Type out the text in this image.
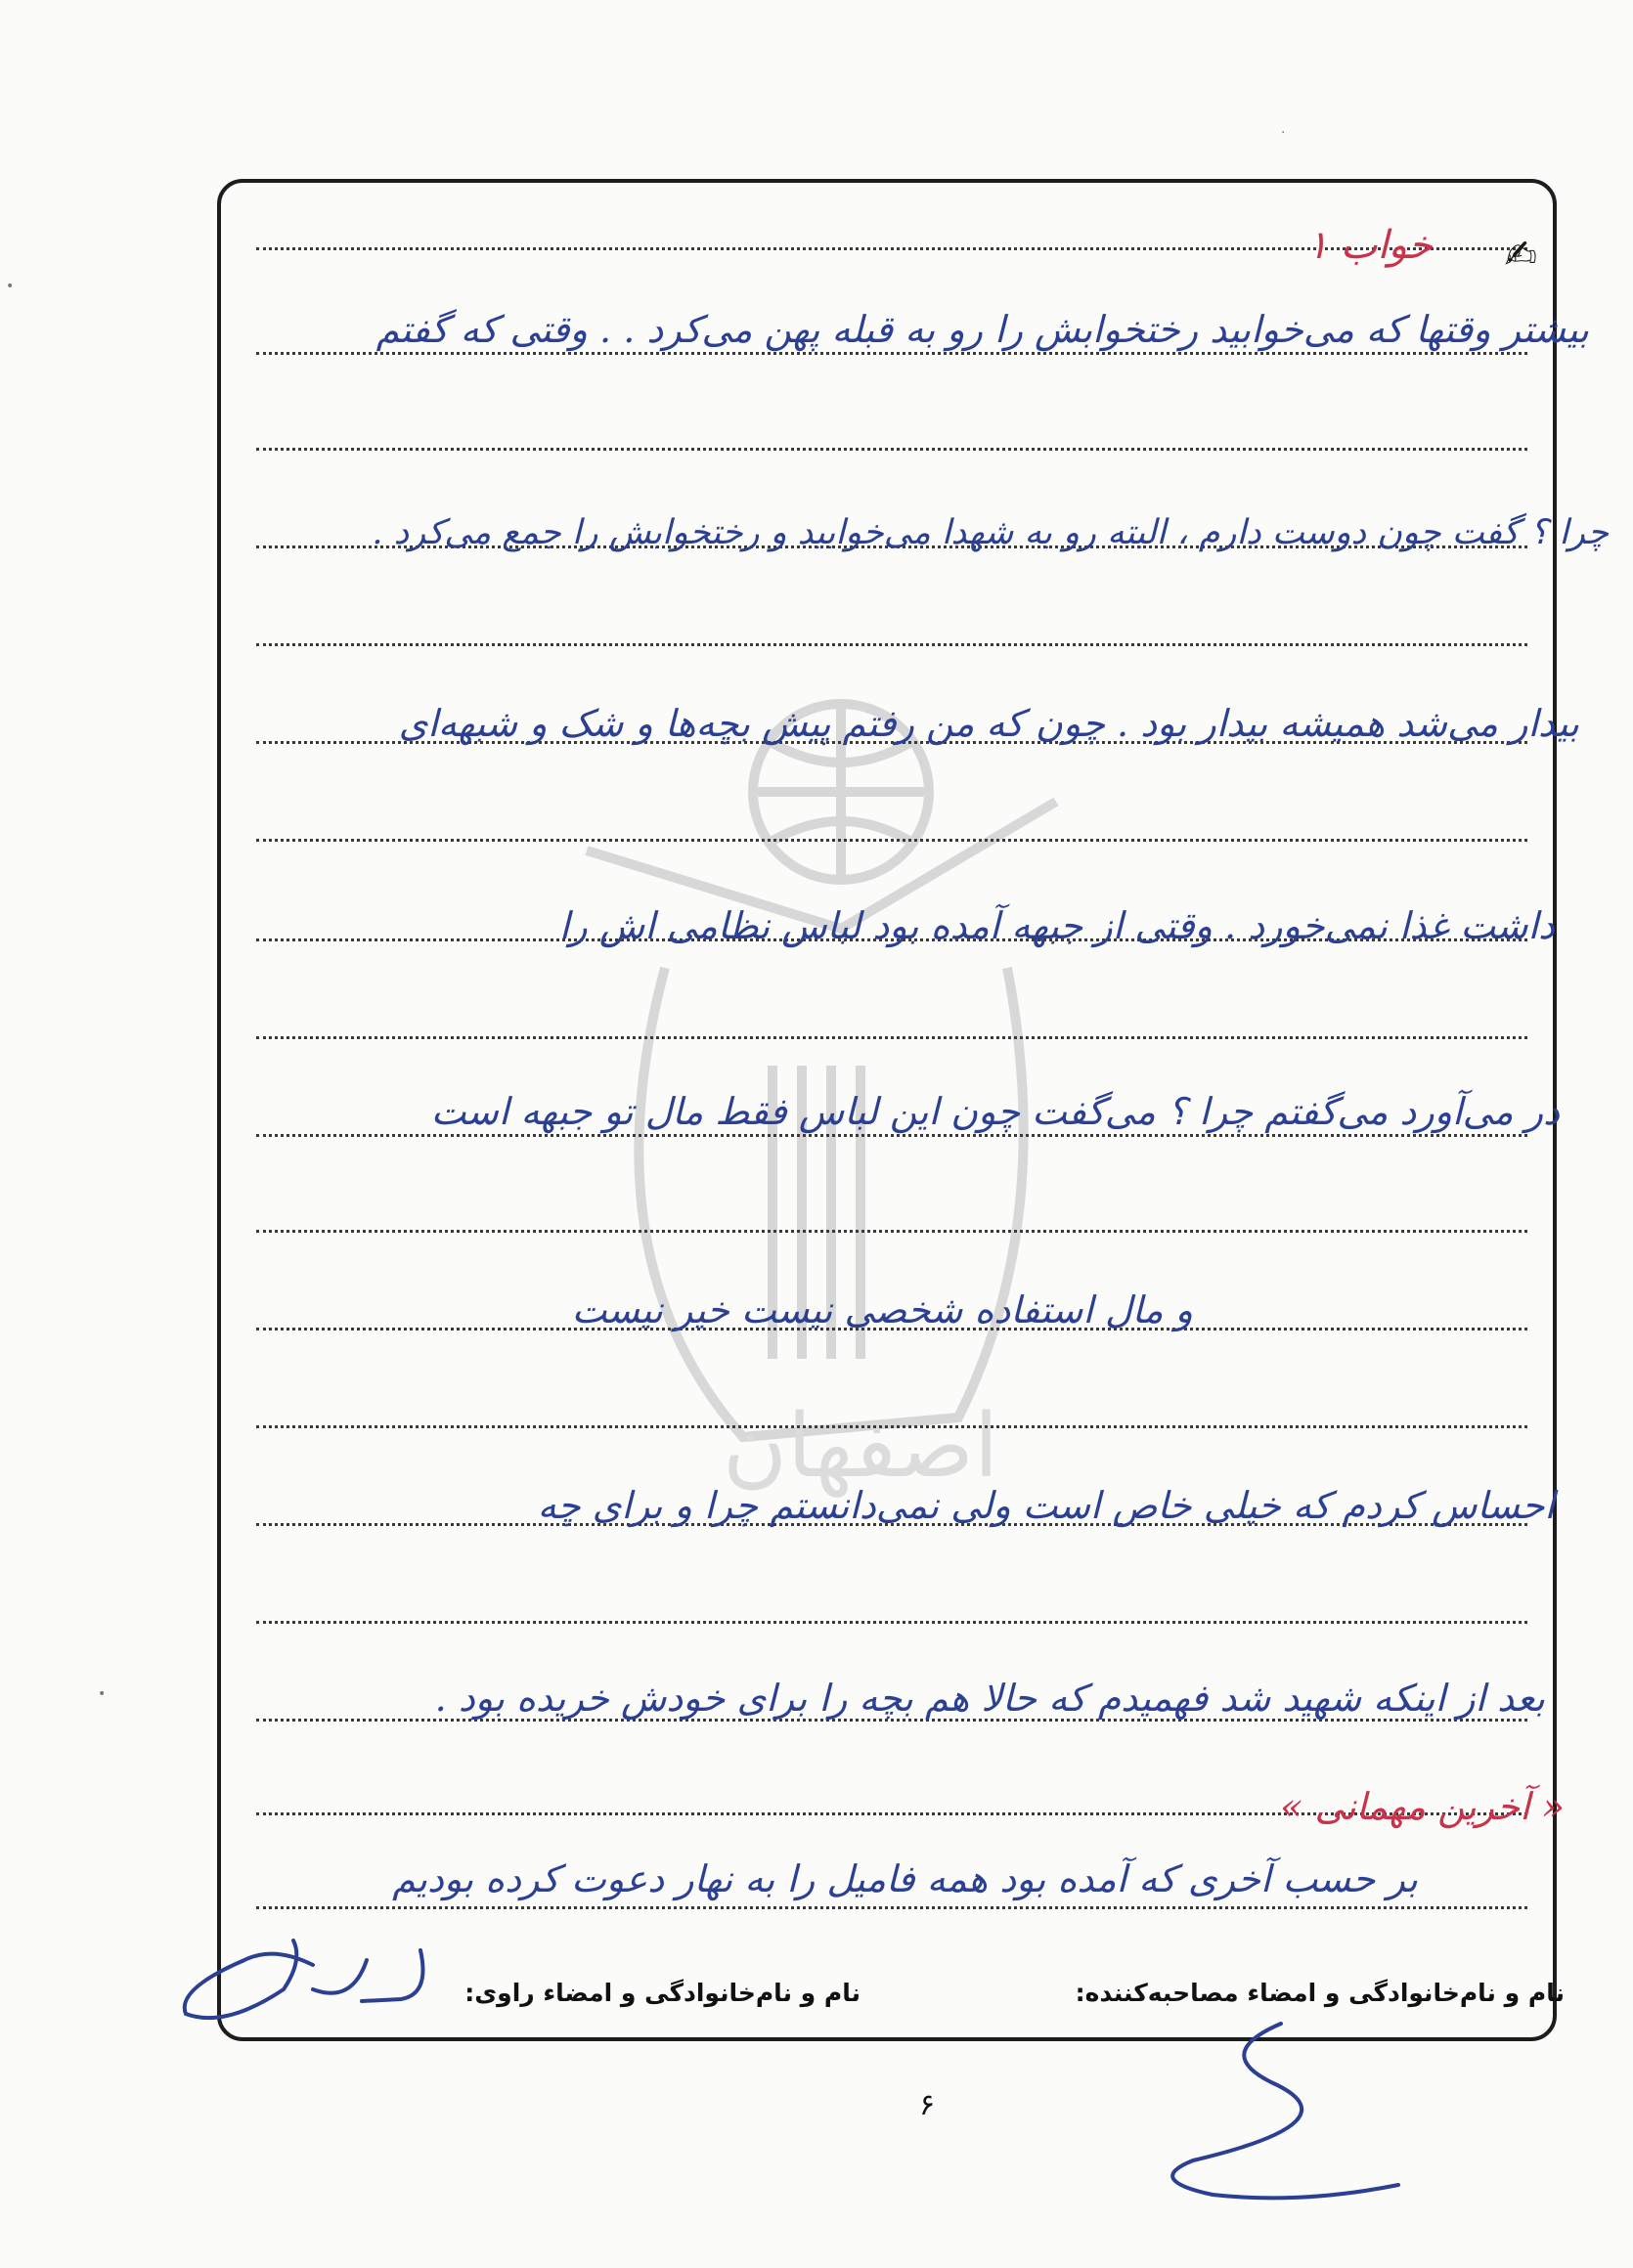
اصفهان
✍
خواب ۱
بیشتر وقتها که می‌خوابید رختخوابش را رو به قبله پهن می‌کرد . . وقتی که گفتم
چرا ؟ گفت چون دوست دارم ، البته رو به شهدا می‌خوابید و رختخوابش را جمع می‌کرد .
بیدار می‌شد همیشه بیدار بود . چون که من رفتم پیش بچه‌ها و شک و شبهه‌ای
داشت غذا نمی‌خورد . وقتی از جبهه آمده بود لباس نظامی اش را
در می‌آورد می‌گفتم چرا ؟ می‌گفت چون این لباس فقط مال تو جبهه است
و مال استفاده شخصی نیست خیر نیست
احساس کردم که خیلی خاص است ولی نمی‌دانستم چرا و برای چه
بعد از اینکه شهید شد فهمیدم که حالا هم بچه را برای خودش خریده بود .
« آخرین مهمانی »
بر حسب آخری که آمده بود همه فامیل را به نهار دعوت کرده بودیم
نام و نام‌خانوادگی و امضاء مصاحبه‌کننده:
نام و نام‌خانوادگی و امضاء راوی:
۶
•
•
·
